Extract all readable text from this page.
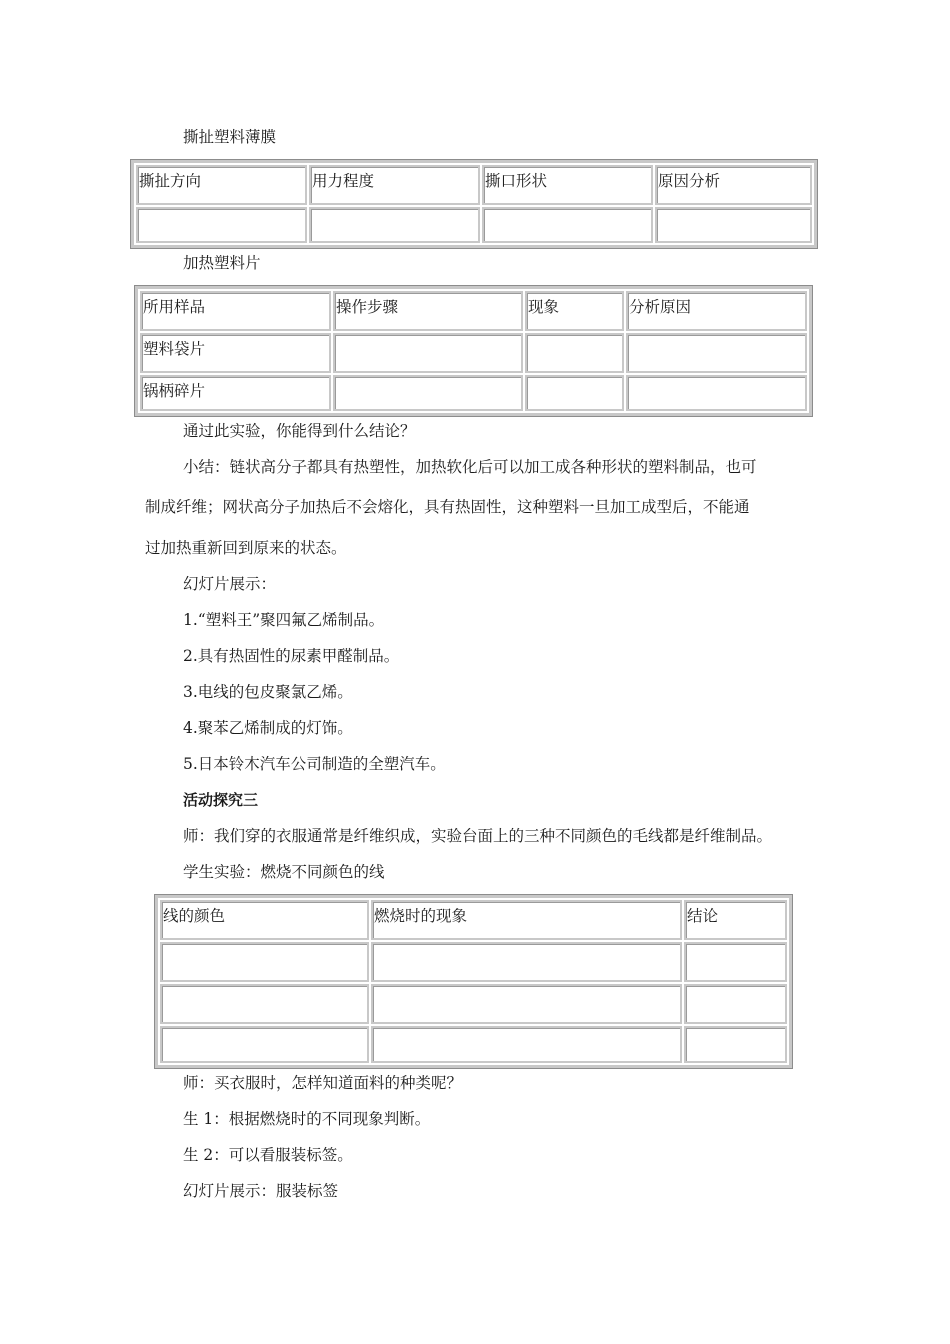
撕扯塑料薄膜
撕扯方向	用力程度	撕口形状	原因分析

加热塑料片
所用样品	操作步骤	现象	分析原因

塑料袋片			

锅柄碎片			

通过此实验，你能得到什么结论？
小结：链状高分子都具有热塑性，加热软化后可以加工成各种形状的塑料制品，也可
制成纤维；网状高分子加热后不会熔化，具有热固性，这种塑料一旦加工成型后，不能通
过加热重新回到原来的状态。
幻灯片展示：
1.“塑料王”聚四氟乙烯制品。
2.具有热固性的尿素甲醛制品。
3.电线的包皮聚氯乙烯。
4.聚苯乙烯制成的灯饰。
5.日本铃木汽车公司制造的全塑汽车。
活动探究三
师：我们穿的衣服通常是纤维织成，实验台面上的三种不同颜色的毛线都是纤维制品。
学生实验：燃烧不同颜色的线
线的颜色	燃烧时的现象	结论

师：买衣服时，怎样知道面料的种类呢？
生 1：根据燃烧时的不同现象判断。
生 2：可以看服装标签。
幻灯片展示：服装标签
